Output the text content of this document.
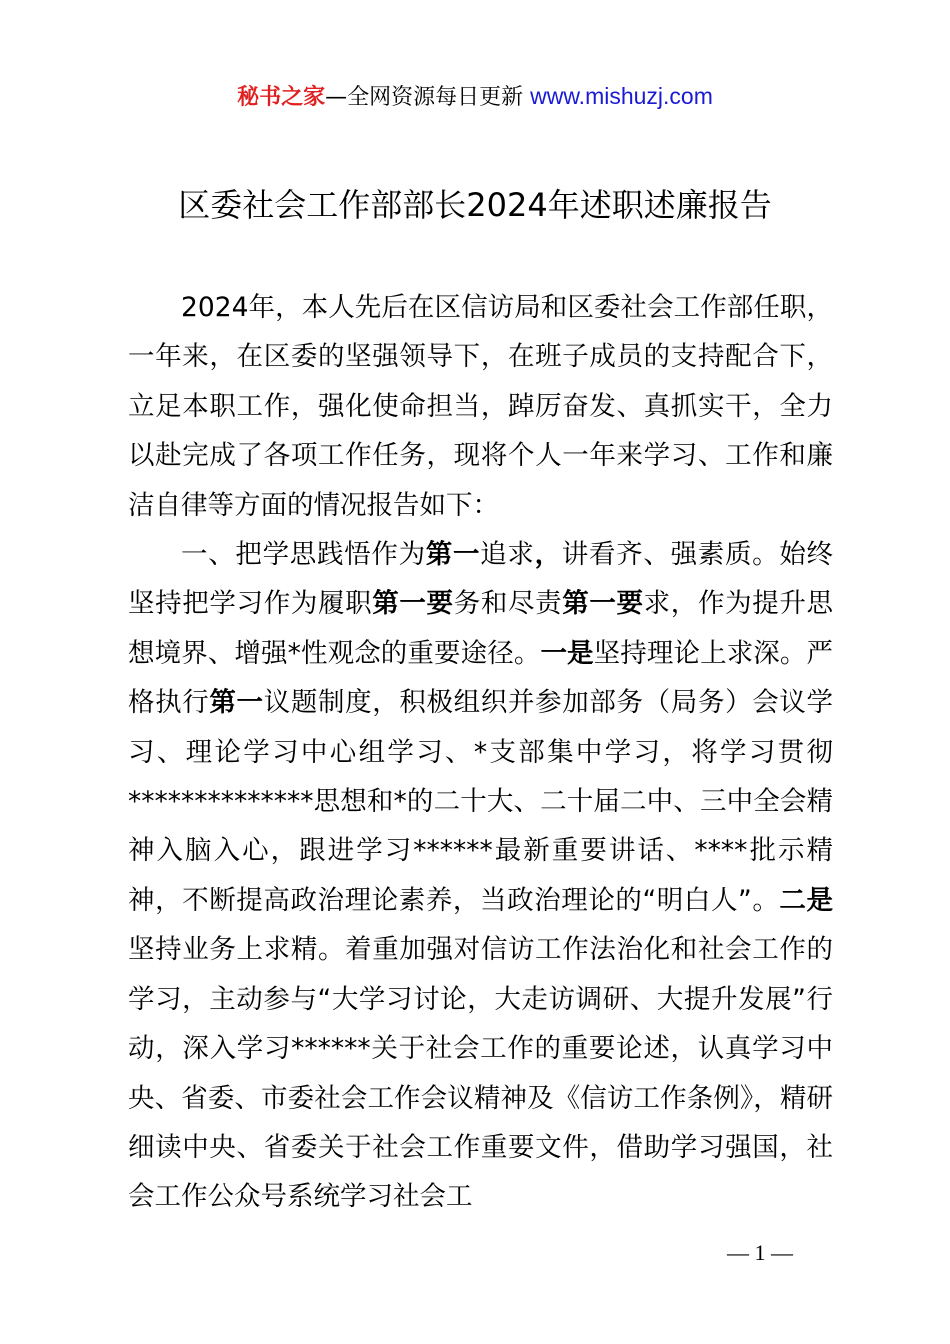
秘书之家—全网资源每日更新 www.mishuzj.com
区委社会工作部部长2024年述职述廉报告

2024年，本人先后在区信访局和区委社会工作部任职，一年来，在区委的坚强领导下，在班子成员的支持配合下，立足本职工作，强化使命担当，踔厉奋发、真抓实干，全力以赴完成了各项工作任务，现将个人一年来学习、工作和廉洁自律等方面的情况报告如下：

一、把学思践悟作为第一追求，讲看齐、强素质。始终坚持把学习作为履职第一要务和尽责第一要求，作为提升思想境界、增强*性观念的重要途径。一是坚持理论上求深。严格执行第一议题制度，积极组织并参加部务（局务）会议学习、理论学习中心组学习、*支部集中学习，将学习贯彻**************思想和*的二十大、二十届二中、三中全会精神入脑入心，跟进学习******最新重要讲话、****批示精神，不断提高政治理论素养，当政治理论的“明白人”。二是坚持业务上求精。着重加强对信访工作法治化和社会工作的学习，主动参与“大学习讨论，大走访调研、大提升发展”行动，深入学习******关于社会工作的重要论述，认真学习中央、省委、市委社会工作会议精神及《信访工作条例》，精研细读中央、省委关于社会工作重要文件，借助学习强国，社会工作公众号系统学习社会工

— 1 —
